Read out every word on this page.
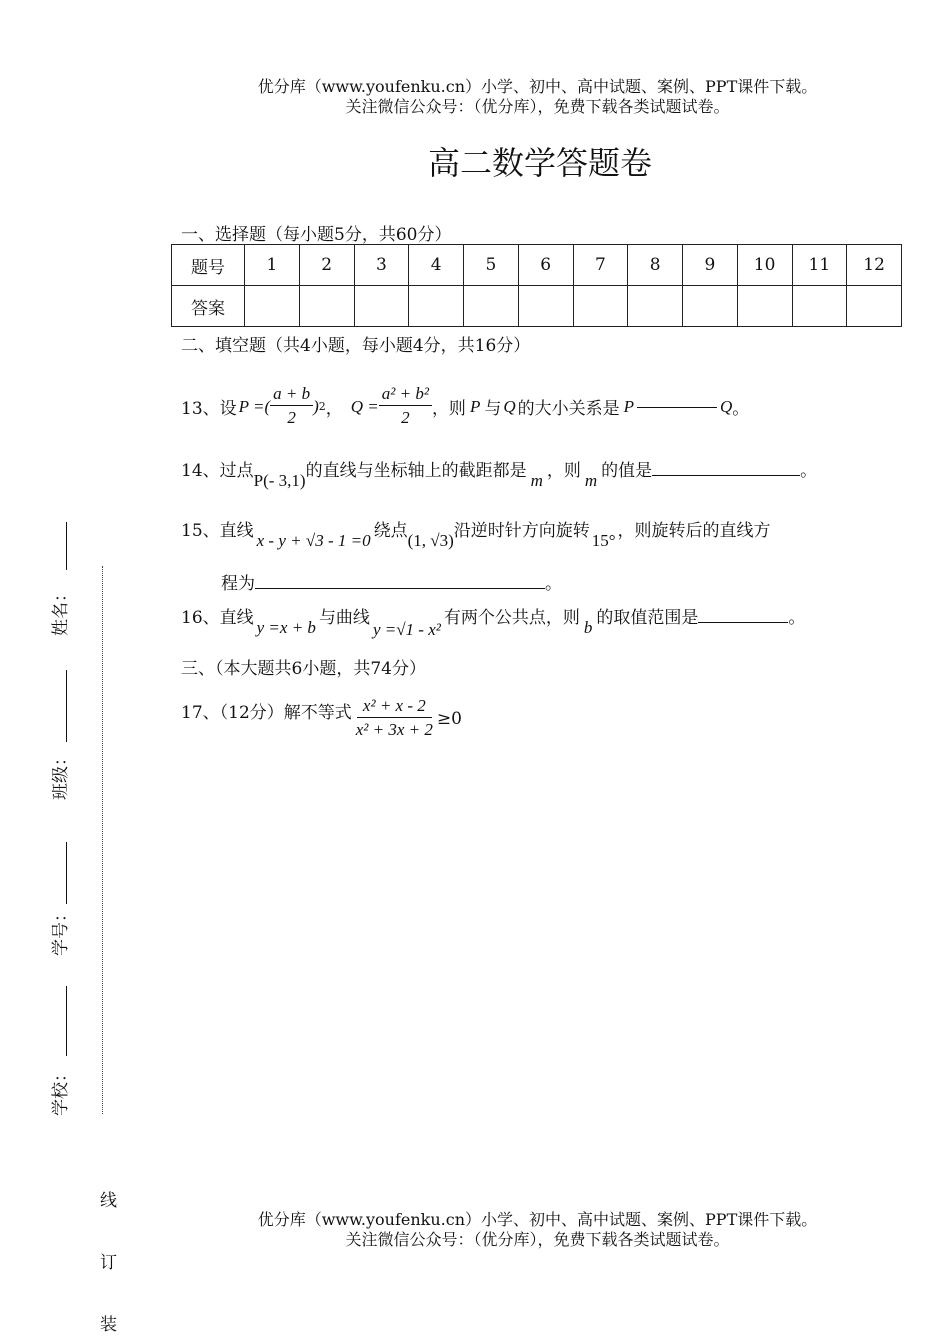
优分库（www.youfenku.cn）小学、初中、高中试题、案例、PPT课件下载。
关注微信公众号：（优分库），免费下载各类试题试卷。
高二数学答题卷
一、选择题（每小题5分，共60分）
题号	1	2	3	4	5	6	7	8	9	10	11	12
答案												
二、填空题（共4小题，每小题4分，共16分）
13、设 P =( $\frac{a + b}{2}$ ) 2 ， $Q = \frac{\text{a² + b²}}{2}$ ，则 P 与 Q 的大小关系是 P	Q 。
14、过点P(- 3,1)的直线与坐标轴上的截距都是 m ，则 m 的值是	。
15、直线 x - y + √3 - 1 =0 绕点(1, √3)沿逆时针方向旋转 15° ，则旋转后的直线方
程为	。
16、直线 y =x + b 与曲线y =√1 - x²有两个公共点，则 b 的取值范围是	。
三、（本大题共6小题，共74分）
17、（12分）解不等式 $\frac{\text{x² + x - 2}}{\text{x² + 3x + 2}} \ge 0$
姓名：
班级：
学号：
学校：
线
订
装
优分库（www.youfenku.cn）小学、初中、高中试题、案例、PPT课件下载。
关注微信公众号：（优分库），免费下载各类试题试卷。
